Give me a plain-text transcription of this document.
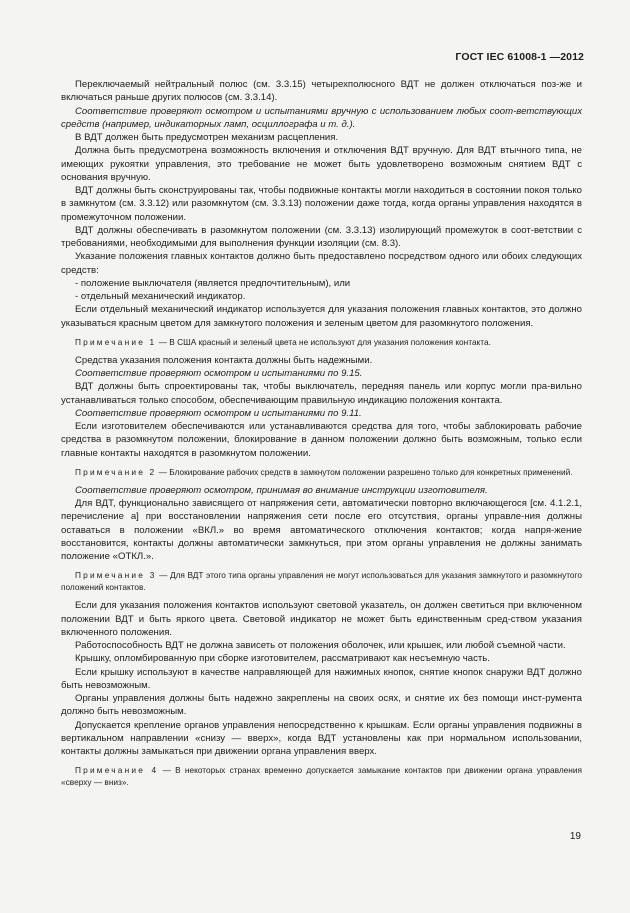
ГОСТ IEC 61008-1 —2012

Переключаемый нейтральный полюс (см. 3.3.15) четырехполюсного ВДТ не должен отключаться поз-же и включаться раньше других полюсов (см. 3.3.14).

Соответствие проверяют осмотром и испытаниями вручную с использованием любых соот-ветствующих средств (например, индикаторных ламп, осциллографа и т. д.).

В ВДТ должен быть предусмотрен механизм расцепления.

Должна быть предусмотрена возможность включения и отключения ВДТ вручную. Для ВДТ втычного типа, не имеющих рукоятки управления, это требование не может быть удовлетворено возможным снятием ВДТ с основания вручную.

ВДТ должны быть сконструированы так, чтобы подвижные контакты могли находиться в состоянии покоя только в замкнутом (см. 3.3.12) или разомкнутом (см. 3.3.13) положении даже тогда, когда органы управления находятся в промежуточном положении.

ВДТ должны обеспечивать в разомкнутом положении (см. 3.3.13) изолирующий промежуток в соот-ветствии с требованиями, необходимыми для выполнения функции изоляции (см. 8.3).

Указание положения главных контактов должно быть предоставлено посредством одного или обоих следующих средств:

- положение выключателя (является предпочтительным), или

- отдельный механический индикатор.

Если отдельный механический индикатор используется для указания положения главных контактов, это должно указываться красным цветом для замкнутого положения и зеленым цветом для разомкнутого положения.

Примечание 1 — В США красный и зеленый цвета не используют для указания положения контакта.

Средства указания положения контакта должны быть надежными.

Соответствие проверяют осмотром и испытаниями по 9.15.

ВДТ должны быть спроектированы так, чтобы выключатель, передняя панель или корпус могли пра-вильно устанавливаться только способом, обеспечивающим правильную индикацию положения контакта.

Соответствие проверяют осмотром и испытаниями по 9.11.

Если изготовителем обеспечиваются или устанавливаются средства для того, чтобы заблокировать рабочие средства в разомкнутом положении, блокирование в данном положении должно быть возможным, только если главные контакты находятся в разомкнутом положении.

Примечание 2 — Блокирование рабочих средств в замкнутом положении разрешено только для конкретных применений.

Соответствие проверяют осмотром, принимая во внимание инструкции изготовителя.

Для ВДТ, функционально зависящего от напряжения сети, автоматически повторно включающегося [см. 4.1.2.1, перечисление а] при восстановлении напряжения сети после его отсутствия, органы управле-ния должны оставаться в положении «ВКЛ.» во время автоматического отключения контактов; когда напря-жение восстановится, контакты должны автоматически замкнуться, при этом органы управления не должны занимать положение «ОТКЛ.».

Примечание 3 — Для ВДТ этого типа органы управления не могут использоваться для указания замкнутого и разомкнутого положений контактов.

Если для указания положения контактов используют световой указатель, он должен светиться при включенном положении ВДТ и быть яркого цвета. Световой индикатор не может быть единственным сред-ством указания включенного положения.

Работоспособность ВДТ не должна зависеть от положения оболочек, или крышек, или любой съемной части.

Крышку, опломбированную при сборке изготовителем, рассматривают как несъемную часть.

Если крышку используют в качестве направляющей для нажимных кнопок, снятие кнопок снаружи ВДТ должно быть невозможным.

Органы управления должны быть надежно закреплены на своих осях, и снятие их без помощи инст-румента должно быть невозможным.

Допускается крепление органов управления непосредственно к крышкам. Если органы управления подвижны в вертикальном направлении «снизу — вверх», когда ВДТ установлены как при нормальном использовании, контакты должны замыкаться при движении органа управления вверх.

Примечание 4 — В некоторых странах временно допускается замыкание контактов при движении органа управления «сверху — вниз».

19
